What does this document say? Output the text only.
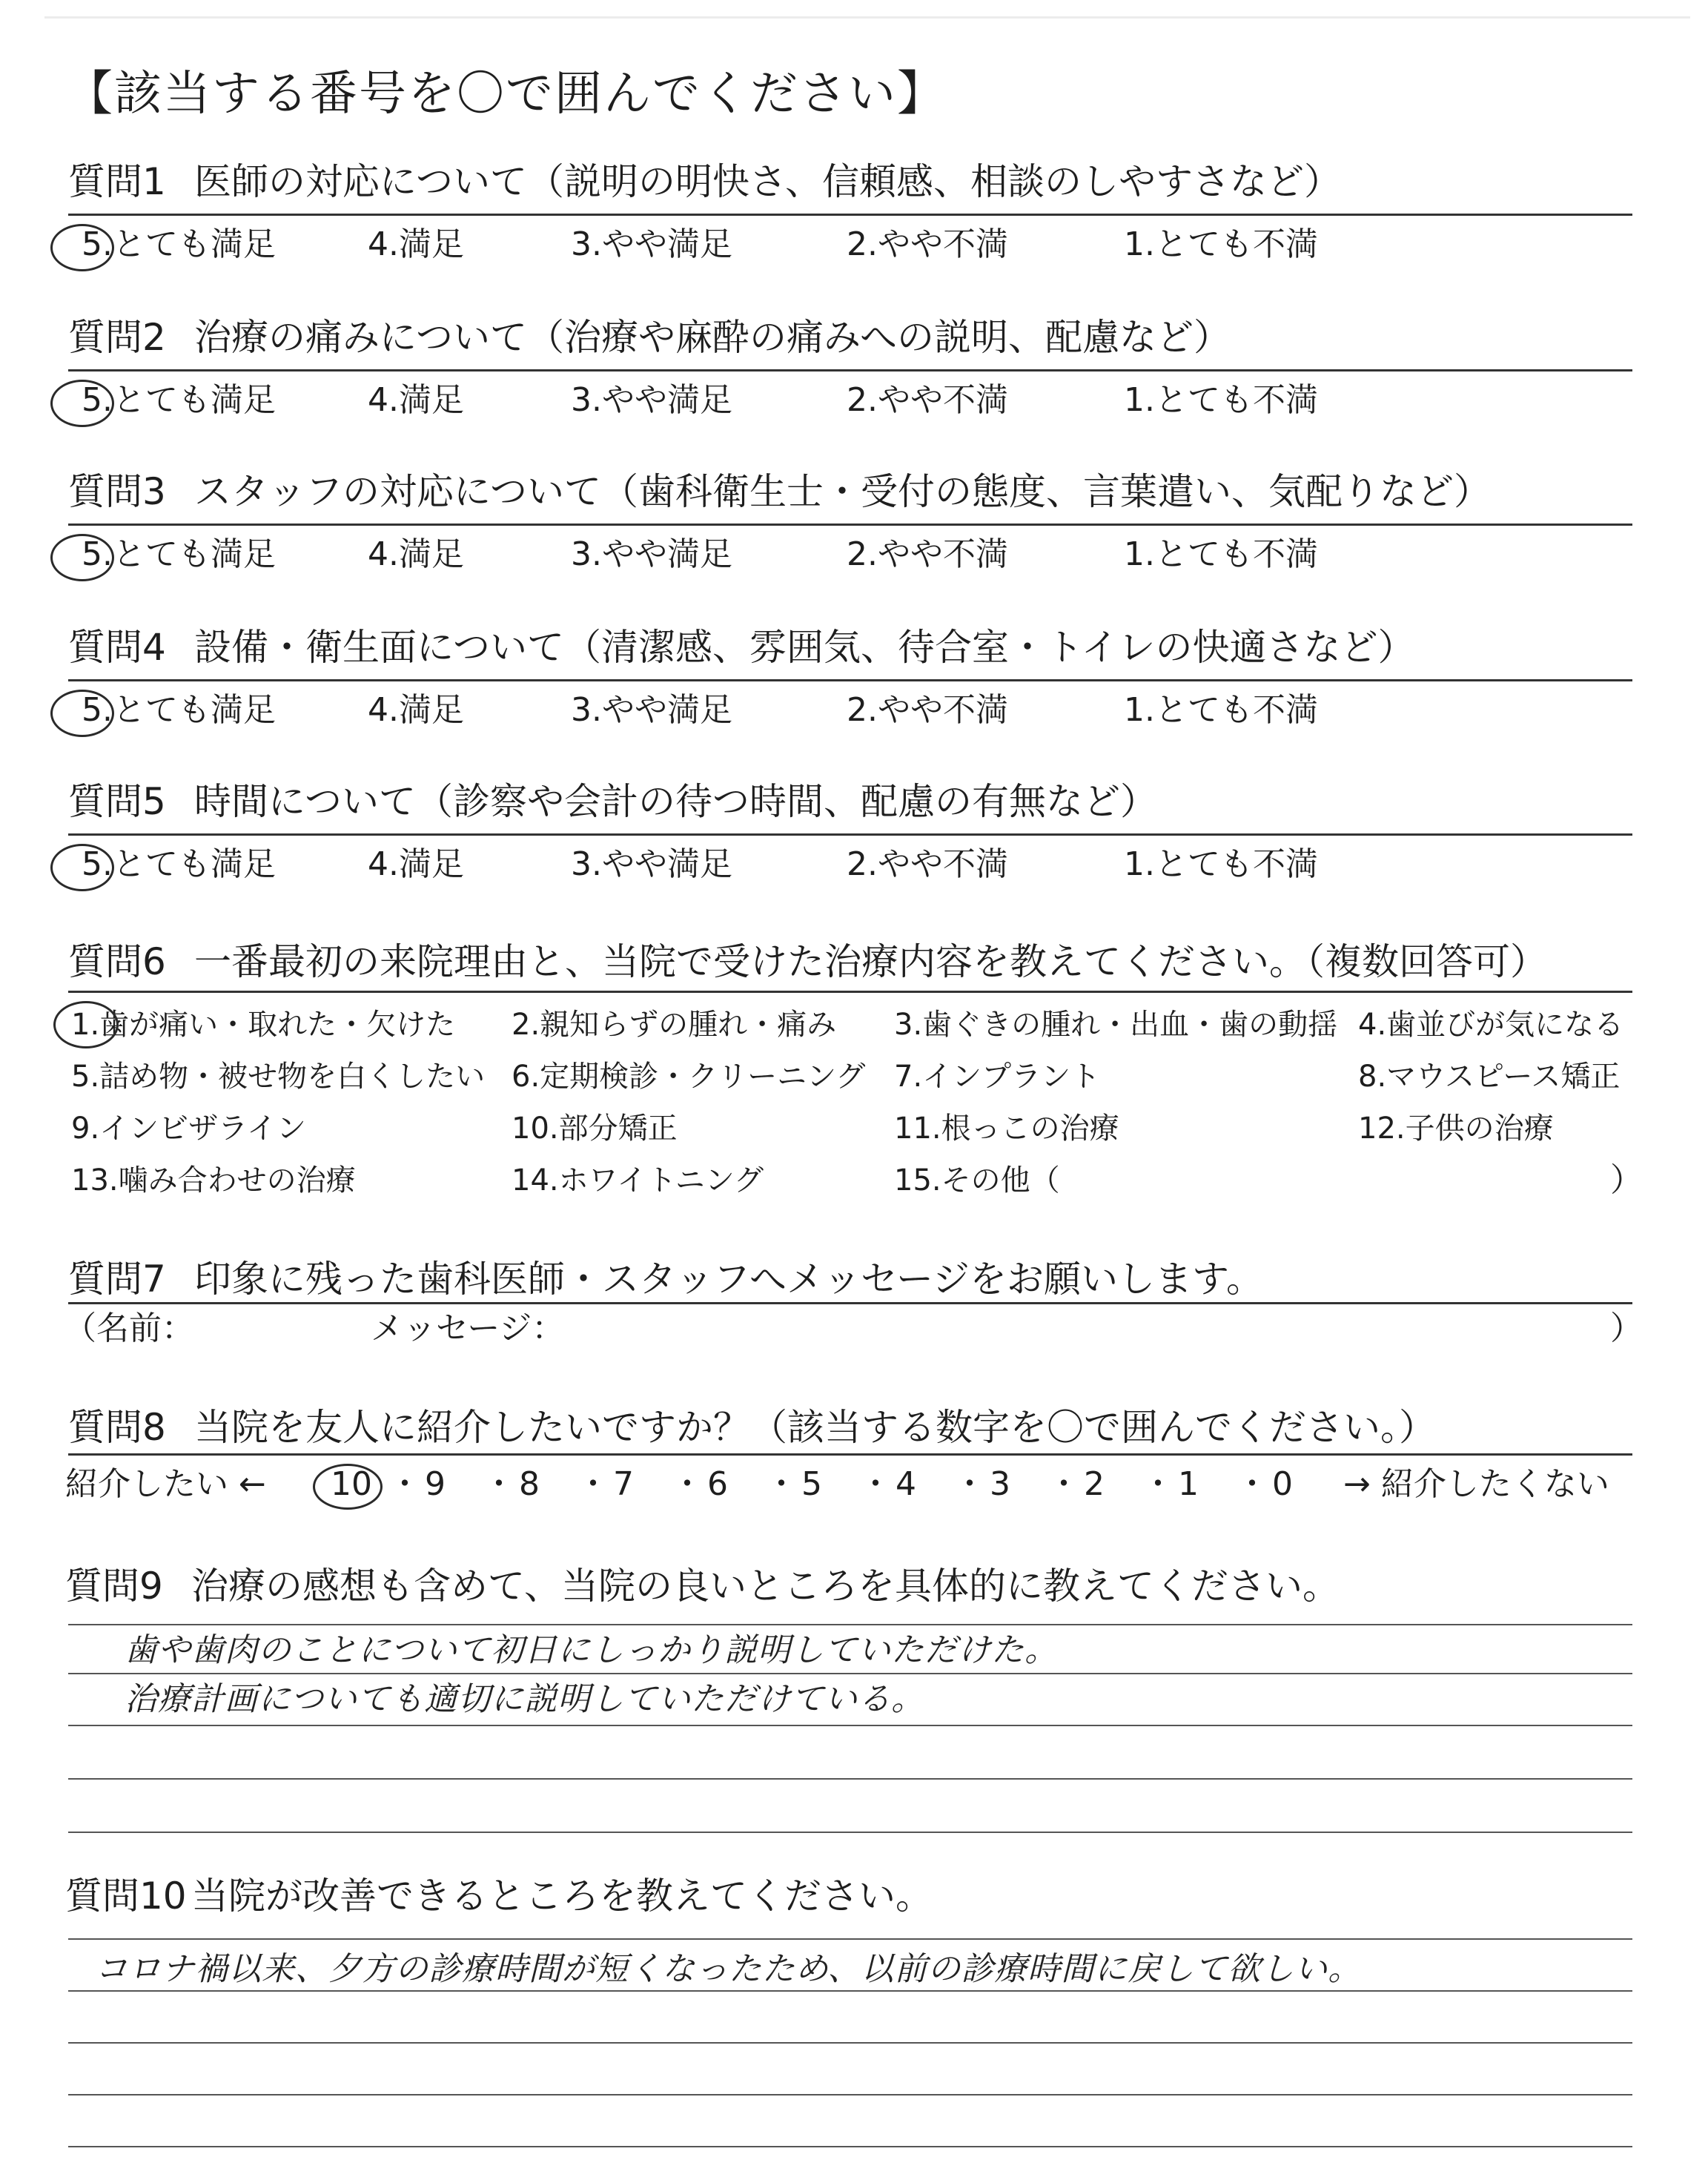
【該当する番号を〇で囲んでください】
質問1 医師の対応について（説明の明快さ、信頼感、相談のしやすさなど）
5.とても満足	4.満足	3.やや満足	2.やや不満	1.とても不満
質問2 治療の痛みについて（治療や麻酔の痛みへの説明、配慮など）
5.とても満足	4.満足	3.やや満足	2.やや不満	1.とても不満
質問3 スタッフの対応について（歯科衛生士・受付の態度、言葉遣い、気配りなど）
5.とても満足	4.満足	3.やや満足	2.やや不満	1.とても不満
質問4 設備・衛生面について（清潔感、雰囲気、待合室・トイレの快適さなど）
5.とても満足	4.満足	3.やや満足	2.やや不満	1.とても不満
質問5 時間について（診察や会計の待つ時間、配慮の有無など）
5.とても満足	4.満足	3.やや満足	2.やや不満	1.とても不満
質問6 一番最初の来院理由と、当院で受けた治療内容を教えてください。（複数回答可）
1.歯が痛い・取れた・欠けた 2.親知らずの腫れ・痛み 3.歯ぐきの腫れ・出血・歯の動揺 4.歯並びが気になる
5.詰め物・被せ物を白くしたい 6.定期検診・クリーニング 7.インプラント	8.マウスピース矯正
9.インビザライン	10.部分矯正	11.根っこの治療	12.子供の治療
13.噛み合わせの治療	14.ホワイトニング	15.その他（	）
質問7 印象に残った歯科医師・スタッフへメッセージをお願いします。
（名前：	メッセージ：	）
質問8 当院を友人に紹介したいですか？（該当する数字を〇で囲んでください。）
紹介したい ← 10 ・ 9 ・ 8 ・ 7 ・ 6 ・ 5 ・ 4 ・ 3 ・ 2 ・ 1 ・ 0 → 紹介したくない
質問9 治療の感想も含めて、当院の良いところを具体的に教えてください。
歯や歯肉のことについて初日にしっかり説明していただけた。
治療計画についても適切に説明していただけている。
質問10 当院が改善できるところを教えてください。
コロナ禍以来、夕方の診療時間が短くなったため、以前の診療時間に戻して欲しい。
